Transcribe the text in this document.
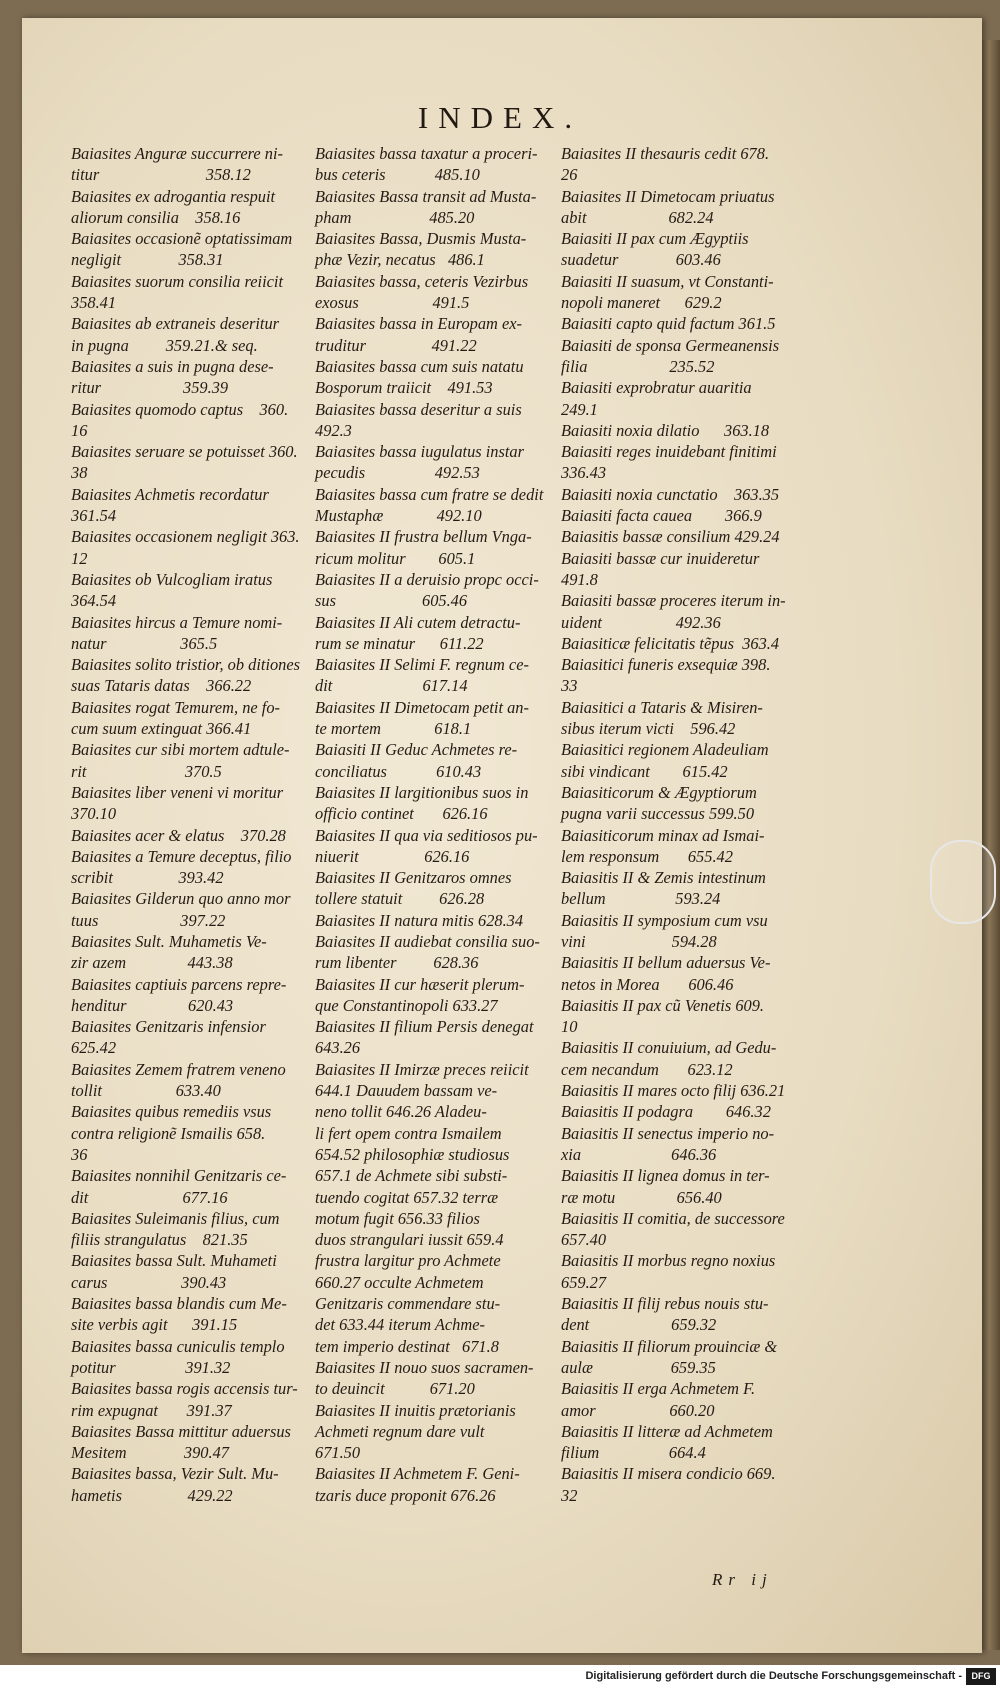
INDEX.
Baiasites Anguræ succurrere ni-
titur                          358.12
Baiasites ex adrogantia respuit
aliorum consilia    358.16
Baiasites occasionẽ optatissimam
negligit              358.31
Baiasites suorum consilia reiicit
358.41
Baiasites ab extraneis deseritur
in pugna         359.21.& seq.
Baiasites a suis in pugna dese-
ritur                    359.39
Baiasites quomodo captus    360.
16
Baiasites seruare se potuisset 360.
38
Baiasites Achmetis recordatur
361.54
Baiasites occasionem negligit 363.
12
Baiasites ob Vulcogliam iratus
364.54
Baiasites hircus a Temure nomi-
natur                  365.5
Baiasites solito tristior, ob ditiones
suas Tataris datas    366.22
Baiasites rogat Temurem, ne fo-
cum suum extinguat 366.41
Baiasites cur sibi mortem adtule-
rit                        370.5
Baiasites liber veneni vi moritur
370.10
Baiasites acer & elatus    370.28
Baiasites a Temure deceptus, filio
scribit                393.42
Baiasites Gilderun quo anno mor
tuus                    397.22
Baiasites Sult. Muhametis Ve-
zir azem               443.38
Baiasites captiuis parcens repre-
henditur               620.43
Baiasites Genitzaris infensior
625.42
Baiasites Zemem fratrem veneno
tollit                  633.40
Baiasites quibus remediis vsus
contra religionẽ Ismailis 658.
36
Baiasites nonnihil Genitzaris ce-
dit                       677.16
Baiasites Suleimanis filius, cum
filiis strangulatus    821.35
Baiasites bassa Sult. Muhameti
carus                  390.43
Baiasites bassa blandis cum Me-
site verbis agit      391.15
Baiasites bassa cuniculis templo
potitur                 391.32
Baiasites bassa rogis accensis tur-
rim expugnat       391.37
Baiasites Bassa mittitur aduersus
Mesitem              390.47
Baiasites bassa, Vezir Sult. Mu-
hametis                429.22
Baiasites bassa taxatur a proceri-
bus ceteris            485.10
Baiasites Bassa transit ad Musta-
pham                   485.20
Baiasites Bassa, Dusmis Musta-
phæ Vezir, necatus   486.1
Baiasites bassa, ceteris Vezirbus
exosus                  491.5
Baiasites bassa in Europam ex-
truditur                491.22
Baiasites bassa cum suis natatu
Bosporum traiicit    491.53
Baiasites bassa deseritur a suis
492.3
Baiasites bassa iugulatus instar
pecudis                 492.53
Baiasites bassa cum fratre se dedit
Mustaphæ             492.10
Baiasites II frustra bellum Vnga-
ricum molitur        605.1
Baiasites II a deruisio propc occi-
sus                     605.46
Baiasites II Ali cutem detractu-
rum se minatur      611.22
Baiasites II Selimi F. regnum ce-
dit                      617.14
Baiasites II Dimetocam petit an-
te mortem             618.1
Baiasiti II Geduc Achmetes re-
conciliatus            610.43
Baiasites II largitionibus suos in
officio continet       626.16
Baiasites II qua via seditiosos pu-
niuerit                626.16
Baiasites II Genitzaros omnes
tollere statuit         626.28
Baiasites II natura mitis 628.34
Baiasites II audiebat consilia suo-
rum libenter         628.36
Baiasites II cur hæserit plerum-
que Constantinopoli 633.27
Baiasites II filium Persis denegat
643.26
Baiasites II Imirzæ preces reiicit
644.1 Dauudem bassam ve-
neno tollit 646.26 Aladeu-
li fert opem contra Ismailem
654.52 philosophiæ studiosus
657.1 de Achmete sibi substi-
tuendo cogitat 657.32 terræ
motum fugit 656.33 filios
duos strangulari iussit 659.4
frustra largitur pro Achmete
660.27 occulte Achmetem
Genitzaris commendare stu-
det 633.44 iterum Achme-
tem imperio destinat   671.8
Baiasites II nouo suos sacramen-
to deuincit           671.20
Baiasites II inuitis prætorianis
Achmeti regnum dare vult
671.50
Baiasites II Achmetem F. Geni-
tzaris duce proponit 676.26
Baiasites II thesauris cedit 678.
26
Baiasites II Dimetocam priuatus
abit                    682.24
Baiasiti II pax cum Ægyptiis
suadetur              603.46
Baiasiti II suasum, vt Constanti-
nopoli maneret      629.2
Baiasiti capto quid factum 361.5
Baiasiti de sponsa Germeanensis
filia                    235.52
Baiasiti exprobratur auaritia
249.1
Baiasiti noxia dilatio      363.18
Baiasiti reges inuidebant finitimi
336.43
Baiasiti noxia cunctatio    363.35
Baiasiti facta cauea        366.9
Baiasitis bassæ consilium 429.24
Baiasiti bassæ cur inuideretur
491.8
Baiasiti bassæ proceres iterum in-
uident                  492.36
Baiasiticæ felicitatis tẽpus  363.4
Baiasitici funeris exsequiæ 398.
33
Baiasitici a Tataris & Misiren-
sibus iterum victi    596.42
Baiasitici regionem Aladeuliam
sibi vindicant        615.42
Baiasiticorum & Ægyptiorum
pugna varii successus 599.50
Baiasiticorum minax ad Ismai-
lem responsum       655.42
Baiasitis II & Zemis intestinum
bellum                 593.24
Baiasitis II symposium cum vsu
vini                     594.28
Baiasitis II bellum aduersus Ve-
netos in Morea       606.46
Baiasitis II pax cũ Venetis 609.
10
Baiasitis II conuiuium, ad Gedu-
cem necandum       623.12
Baiasitis II mares octo filij 636.21
Baiasitis II podagra        646.32
Baiasitis II senectus imperio no-
xia                      646.36
Baiasitis II lignea domus in ter-
ræ motu               656.40
Baiasitis II comitia, de successore
657.40
Baiasitis II morbus regno noxius
659.27
Baiasitis II filij rebus nouis stu-
dent                    659.32
Baiasitis II filiorum prouinciæ &
aulæ                   659.35
Baiasitis II erga Achmetem F.
amor                  660.20
Baiasitis II litteræ ad Achmetem
filium                 664.4
Baiasitis II misera condicio 669.
32
Rr ij
Digitalisierung gefördert durch die Deutsche Forschungsgemeinschaft -	DFG
